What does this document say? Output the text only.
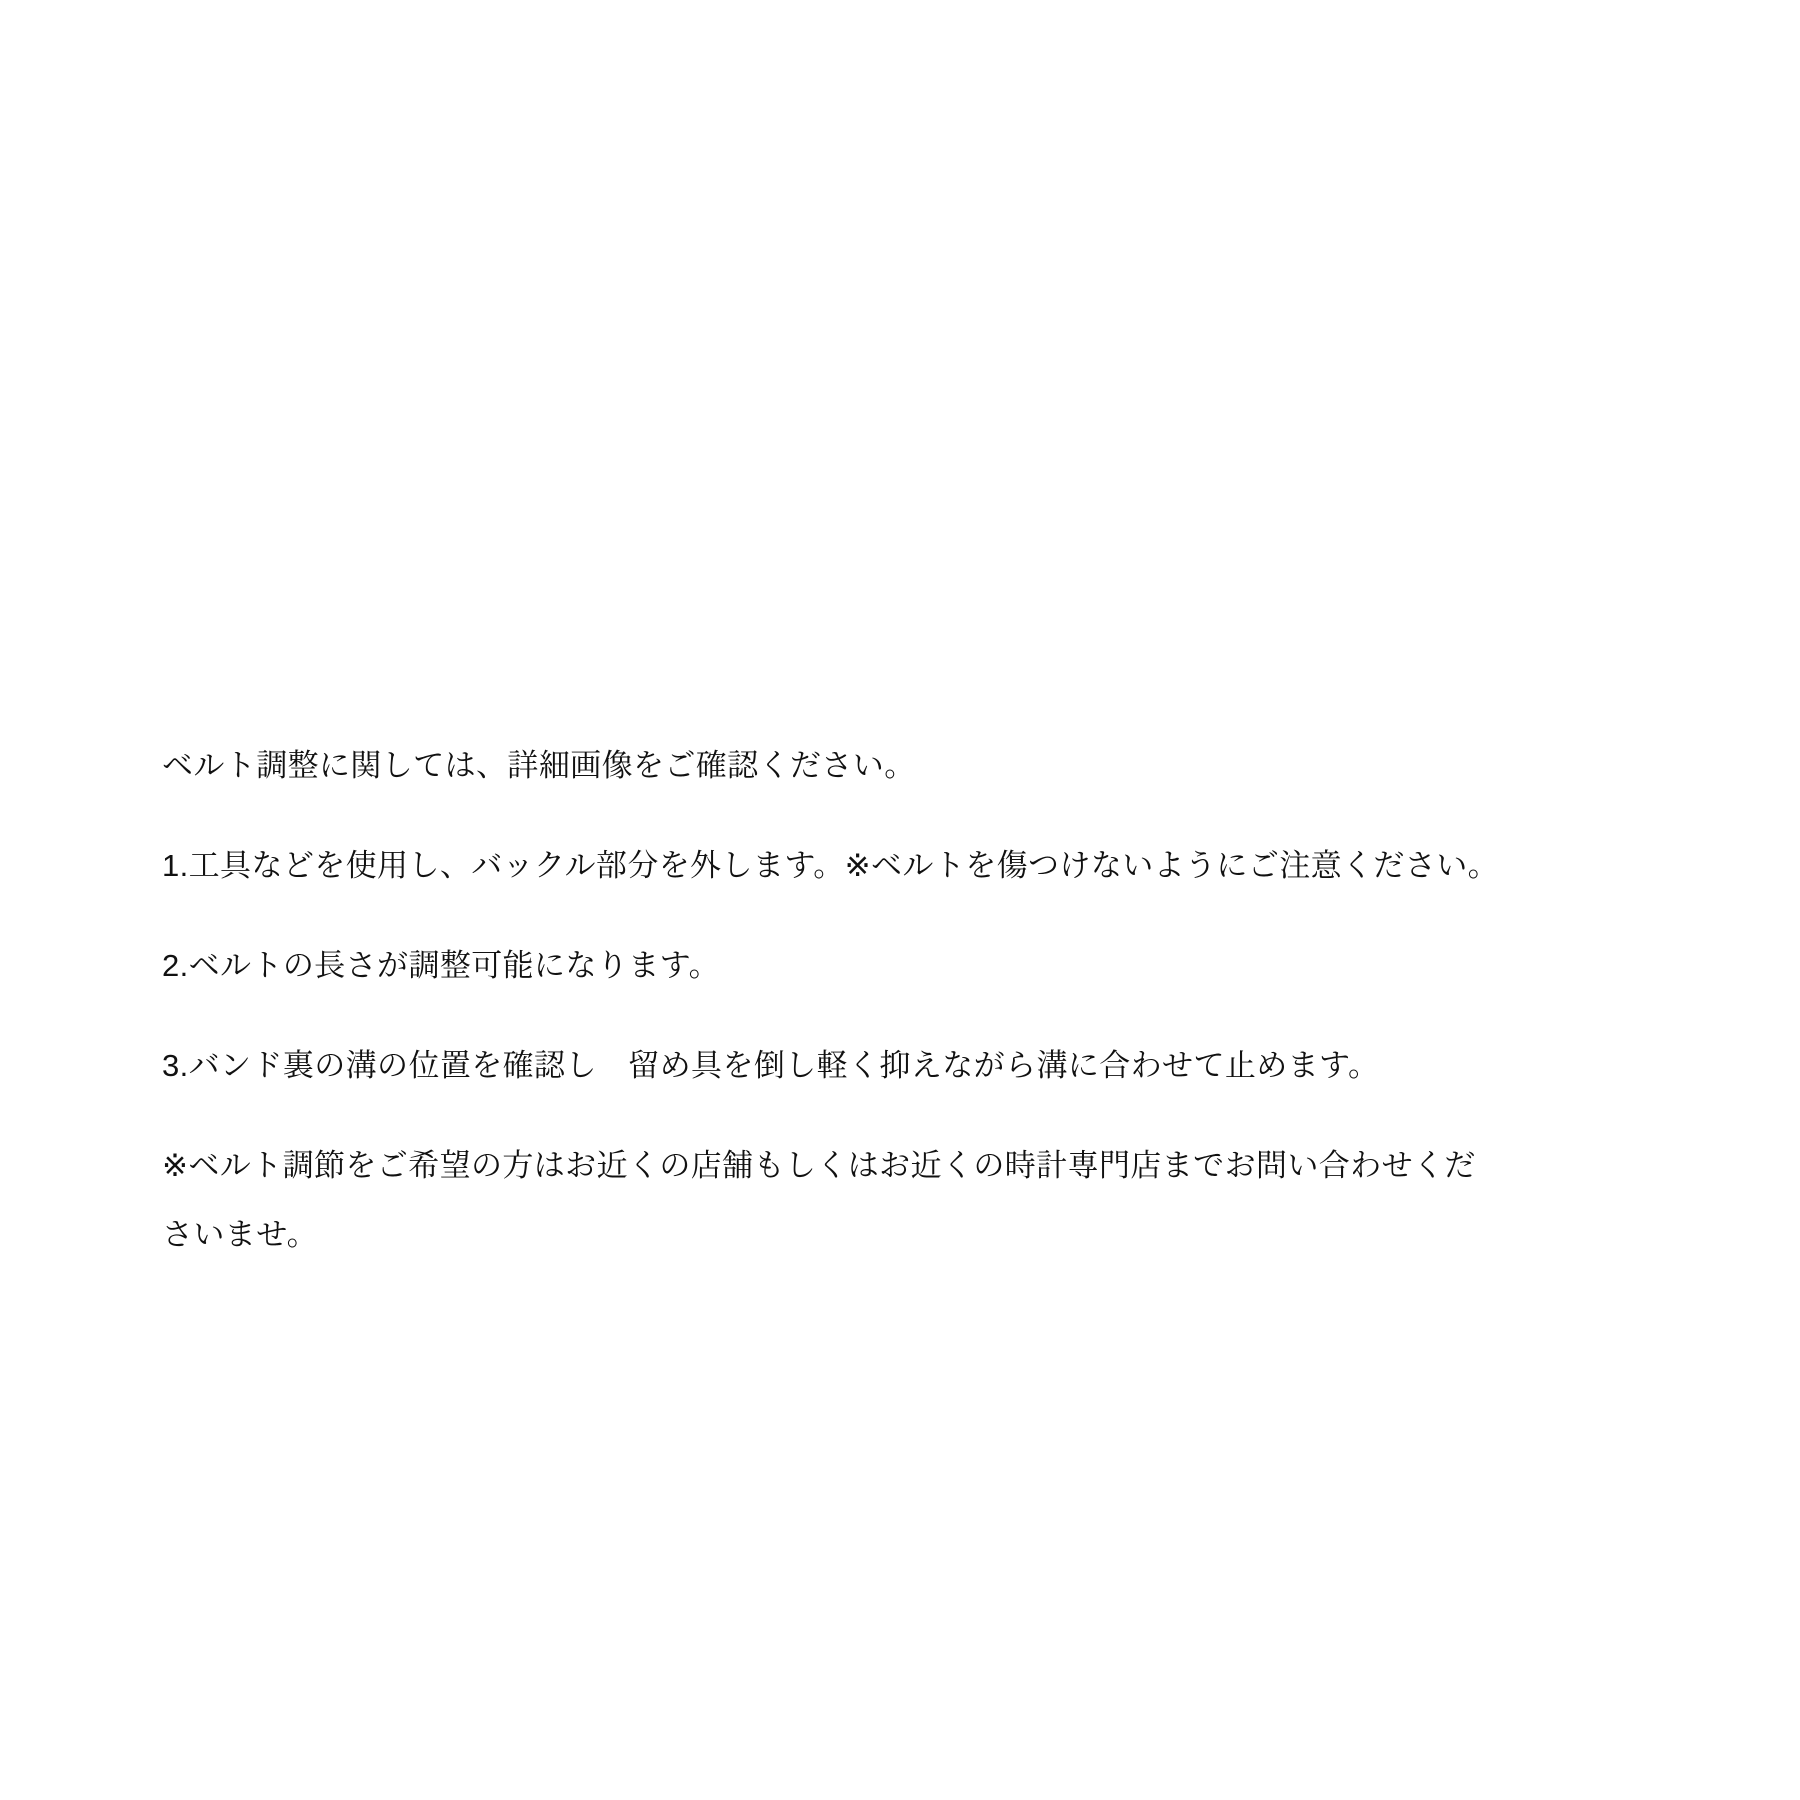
ベルト調整に関しては、詳細画像をご確認ください。

1.工具などを使用し、バックル部分を外します。※ベルトを傷つけないようにご注意ください。

2.ベルトの長さが調整可能になります。

3.バンド裏の溝の位置を確認し　留め具を倒し軽く抑えながら溝に合わせて止めます。

※ベルト調節をご希望の方はお近くの店舗もしくはお近くの時計専門店までお問い合わせくださいませ。
